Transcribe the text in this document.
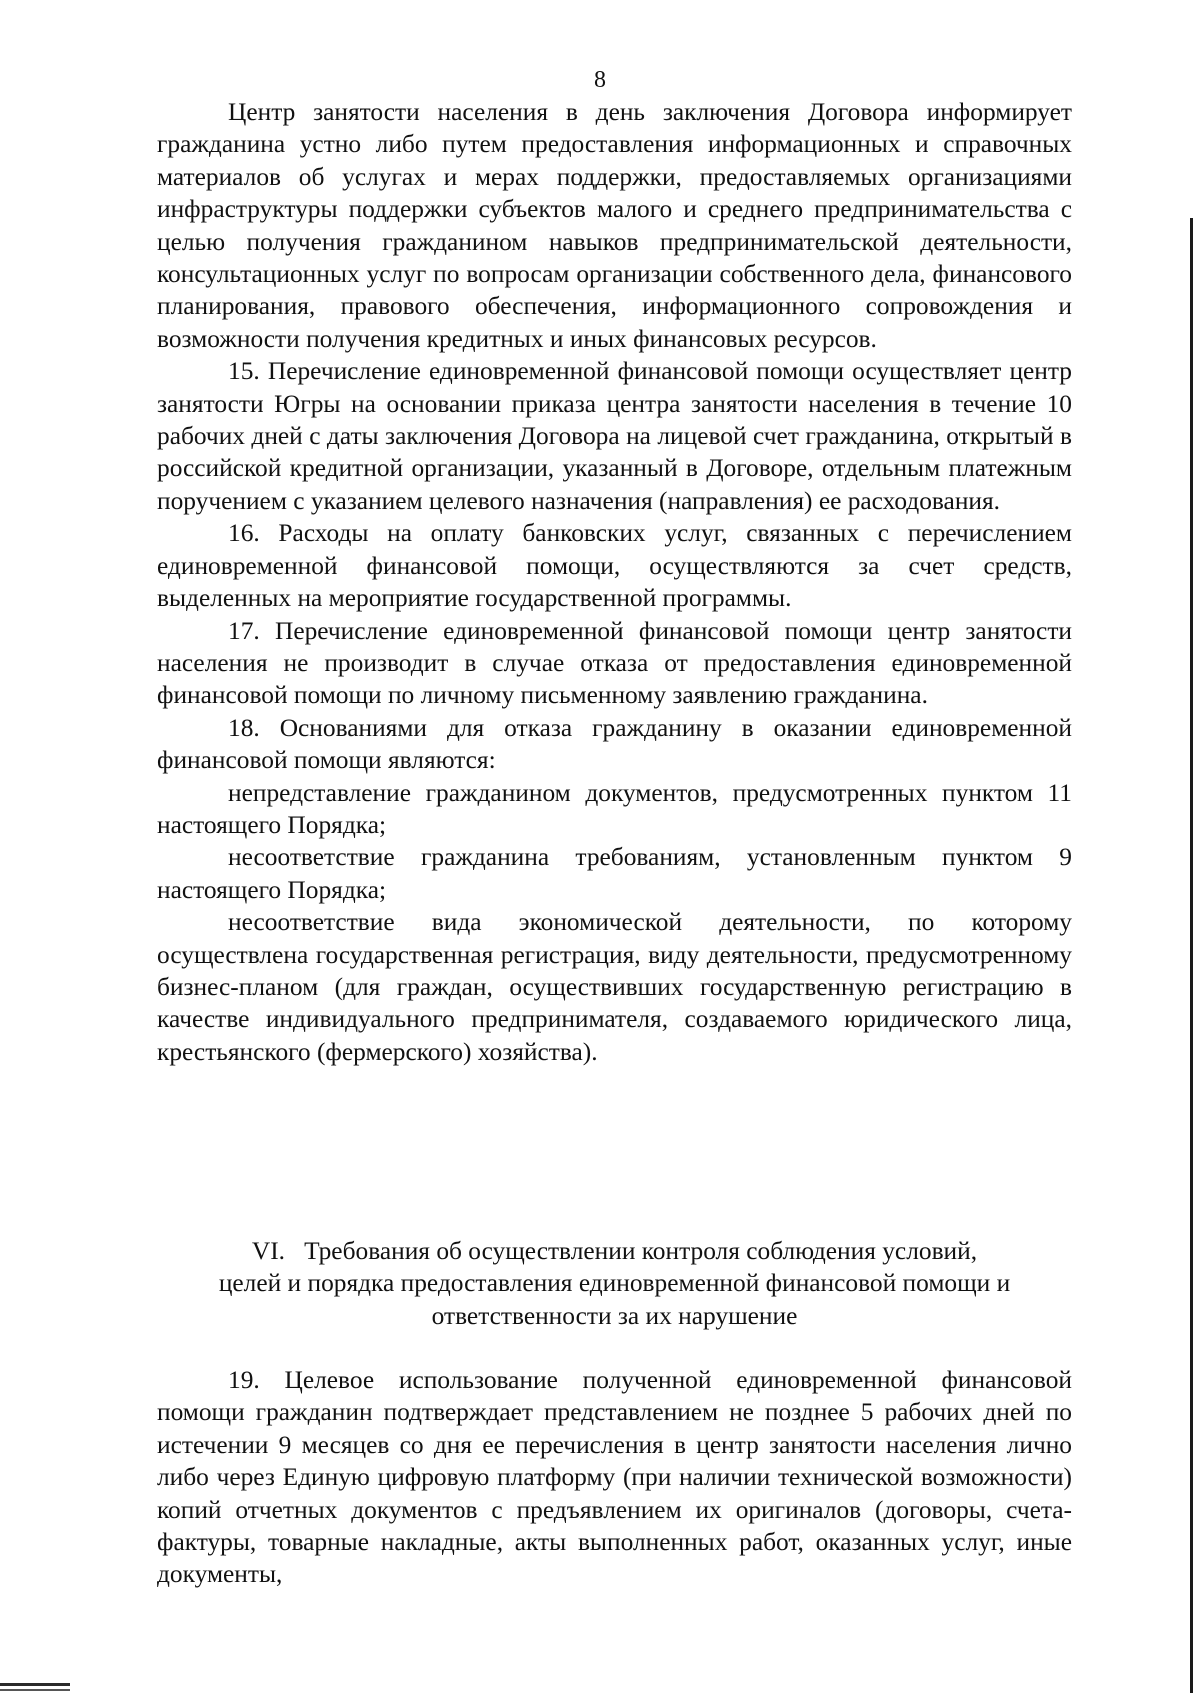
8

Центр занятости населения в день заключения Договора информирует гражданина устно либо путем предоставления информационных и справочных материалов об услугах и мерах поддержки, предоставляемых организациями инфраструктуры поддержки субъектов малого и среднего предпринимательства с целью получения гражданином навыков предпринимательской деятельности, консультационных услуг по вопросам организации собственного дела, финансового планирования, правового обеспечения, информационного сопровождения и возможности получения кредитных и иных финансовых ресурсов.

15. Перечисление единовременной финансовой помощи осуществляет центр занятости Югры на основании приказа центра занятости населения в течение 10 рабочих дней с даты заключения Договора на лицевой счет гражданина, открытый в российской кредитной организации, указанный в Договоре, отдельным платежным поручением с указанием целевого назначения (направления) ее расходования.

16. Расходы на оплату банковских услуг, связанных с перечислением единовременной финансовой помощи, осуществляются за счет средств, выделенных на мероприятие государственной программы.

17. Перечисление единовременной финансовой помощи центр занятости населения не производит в случае отказа от предоставления единовременной финансовой помощи по личному письменному заявлению гражданина.

18. Основаниями для отказа гражданину в оказании единовременной финансовой помощи являются:

непредставление гражданином документов, предусмотренных пунктом 11 настоящего Порядка;

несоответствие гражданина требованиям, установленным пунктом 9 настоящего Порядка;

несоответствие вида экономической деятельности, по которому осуществлена государственная регистрация, виду деятельности, предусмотренному бизнес-планом (для граждан, осуществивших государственную регистрацию в качестве индивидуального предпринимателя, создаваемого юридического лица, крестьянского (фермерского) хозяйства).

VI.   Требования об осуществлении контроля соблюдения условий,
целей и порядка предоставления единовременной финансовой помощи и
ответственности за их нарушение

19. Целевое использование полученной единовременной финансовой помощи гражданин подтверждает представлением не позднее 5 рабочих дней по истечении 9 месяцев со дня ее перечисления в центр занятости населения лично либо через Единую цифровую платформу (при наличии технической возможности) копий отчетных документов с предъявлением их оригиналов (договоры, счета-фактуры, товарные накладные, акты выполненных работ, оказанных услуг, иные документы,
